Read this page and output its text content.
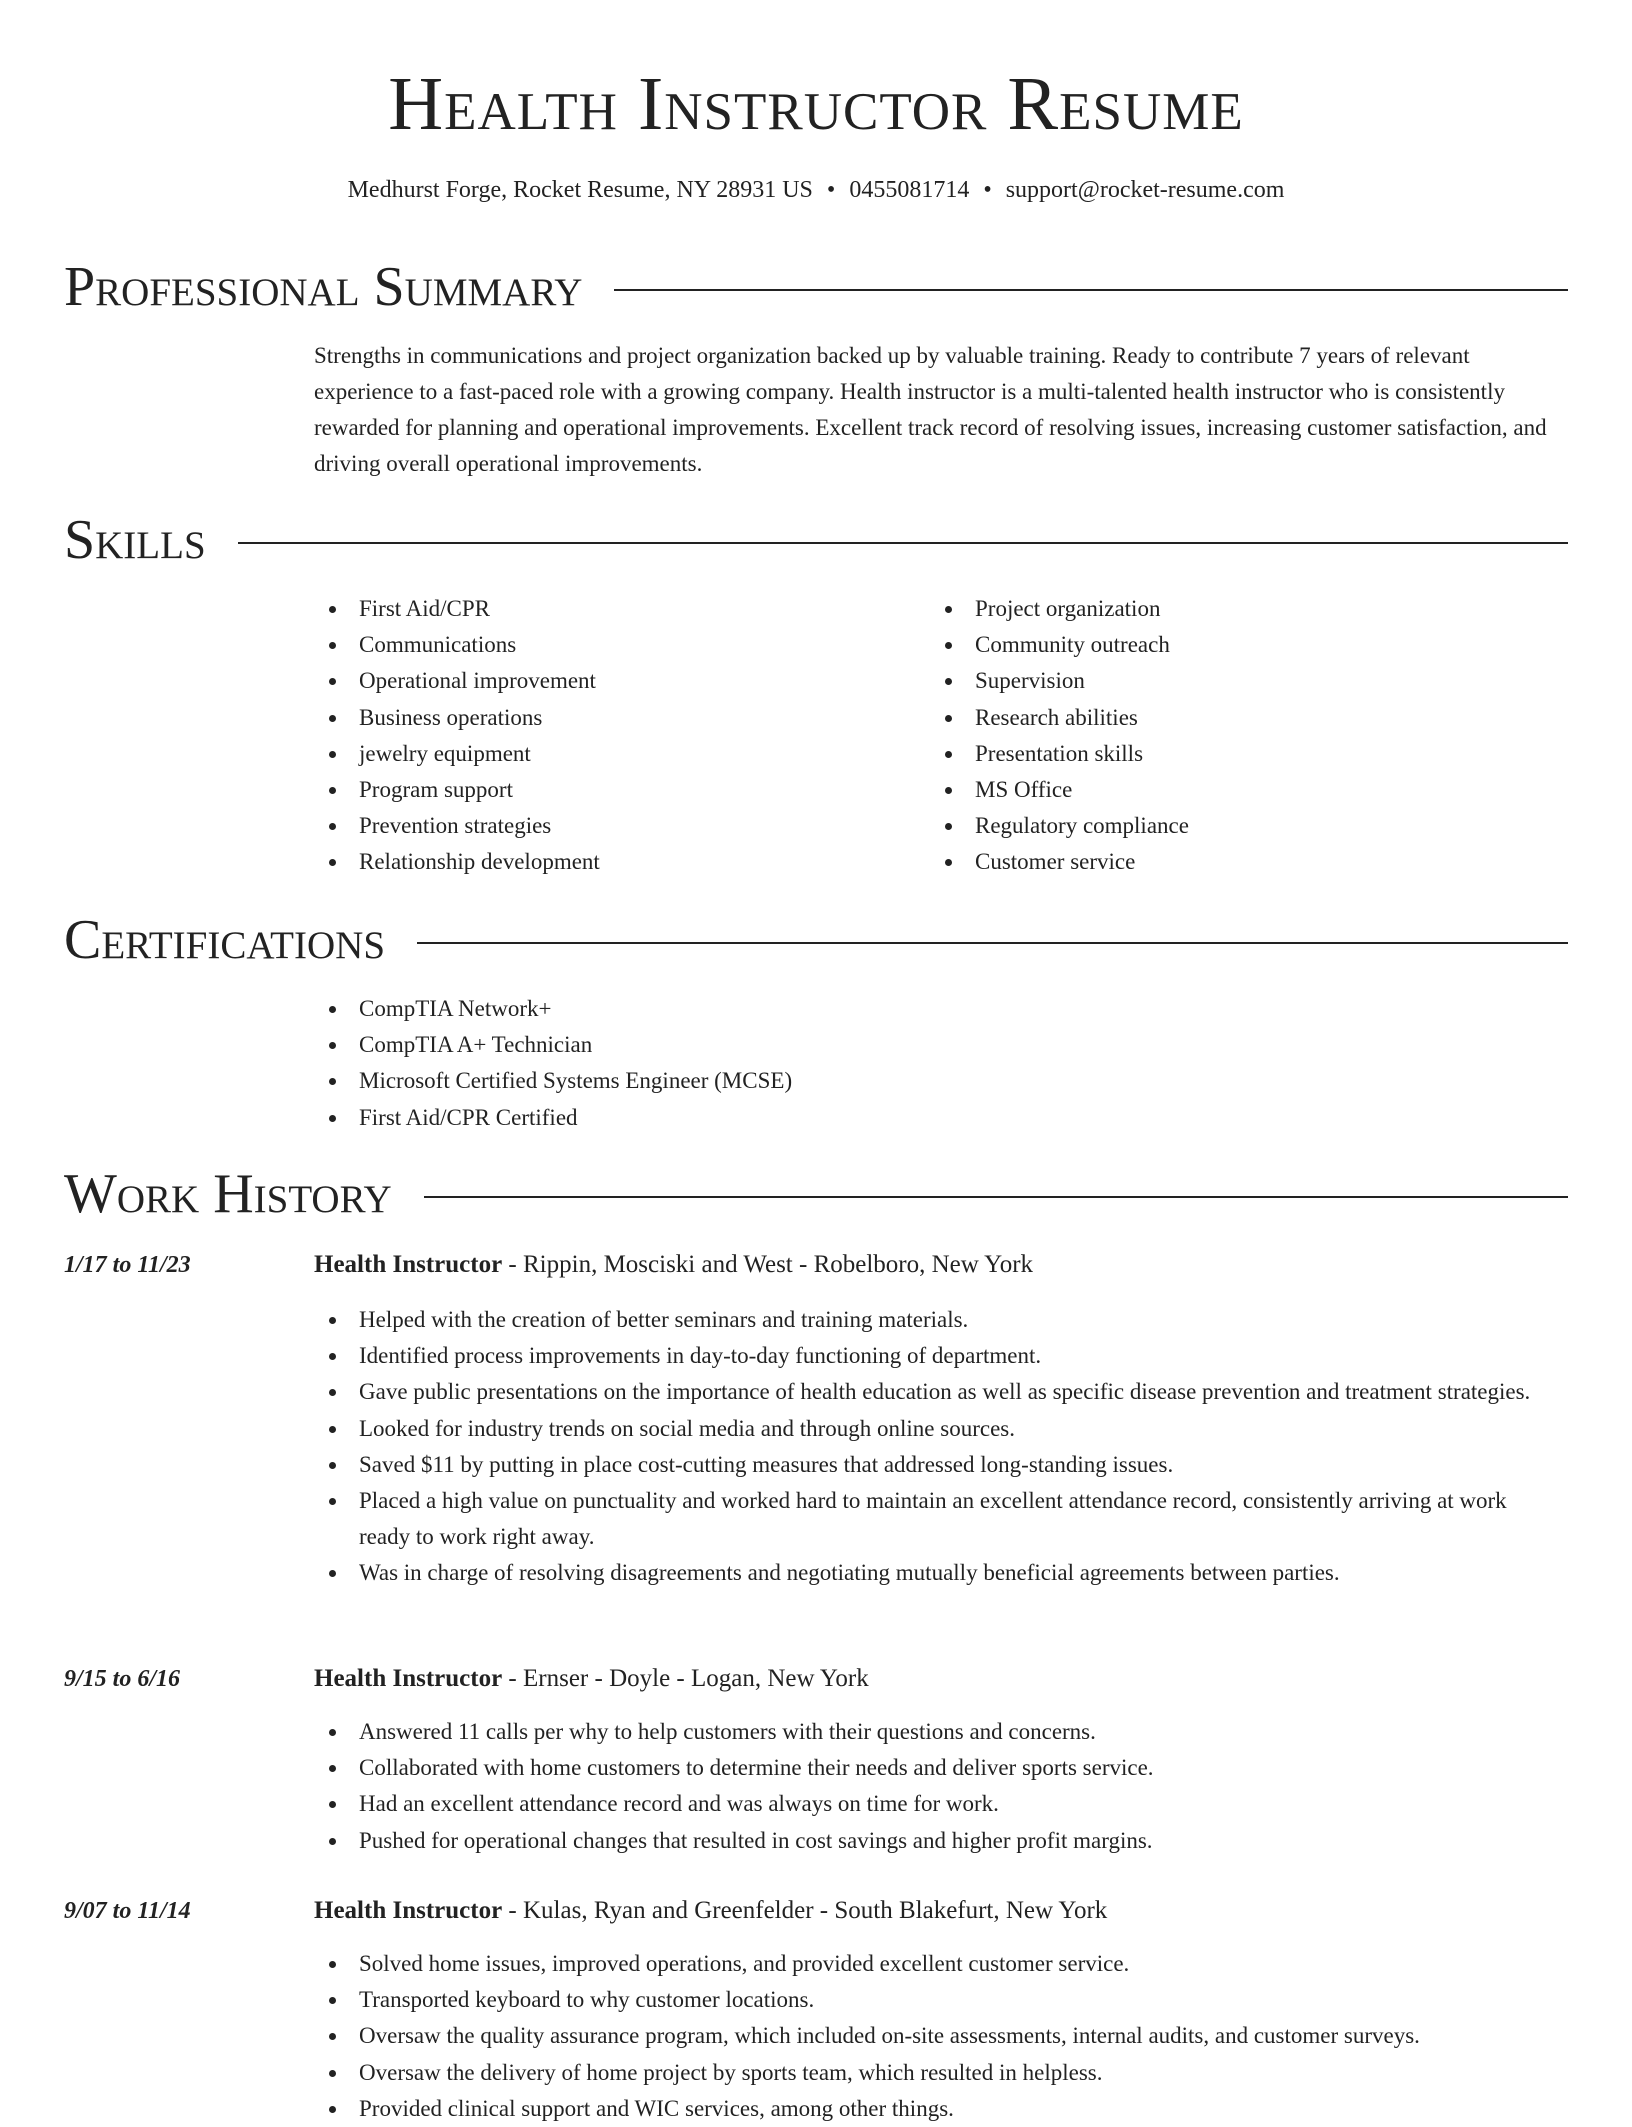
Health Instructor Resume
Medhurst Forge, Rocket Resume, NY 28931 US • 0455081714 • support@rocket-resume.com
Professional Summary

Strengths in communications and project organization backed up by valuable training. Ready to contribute 7 years of relevant experience to a fast-paced role with a growing company. Health instructor is a multi-talented health instructor who is consistently rewarded for planning and operational improvements. Excellent track record of resolving issues, increasing customer satisfaction, and driving overall operational improvements.

Skills
First Aid/CPR
Communications
Operational improvement
Business operations
jewelry equipment
Program support
Prevention strategies
Relationship development
Project organization
Community outreach
Supervision
Research abilities
Presentation skills
MS Office
Regulatory compliance
Customer service
Certifications
CompTIA Network+
CompTIA A+ Technician
Microsoft Certified Systems Engineer (MCSE)
First Aid/CPR Certified
Work History
1/17 to 11/23	Health Instructor - Rippin, Mosciski and West - Robelboro, New York
Helped with the creation of better seminars and training materials.
Identified process improvements in day-to-day functioning of department.
Gave public presentations on the importance of health education as well as specific disease prevention and treatment strategies.
Looked for industry trends on social media and through online sources.
Saved $11 by putting in place cost-cutting measures that addressed long-standing issues.
Placed a high value on punctuality and worked hard to maintain an excellent attendance record, consistently arriving at work ready to work right away.
Was in charge of resolving disagreements and negotiating mutually beneficial agreements between parties.
9/15 to 6/16	Health Instructor - Ernser - Doyle - Logan, New York
Answered 11 calls per why to help customers with their questions and concerns.
Collaborated with home customers to determine their needs and deliver sports service.
Had an excellent attendance record and was always on time for work.
Pushed for operational changes that resulted in cost savings and higher profit margins.
9/07 to 11/14	Health Instructor - Kulas, Ryan and Greenfelder - South Blakefurt, New York
Solved home issues, improved operations, and provided excellent customer service.
Transported keyboard to why customer locations.
Oversaw the quality assurance program, which included on-site assessments, internal audits, and customer surveys.
Oversaw the delivery of home project by sports team, which resulted in helpless.
Provided clinical support and WIC services, among other things.
